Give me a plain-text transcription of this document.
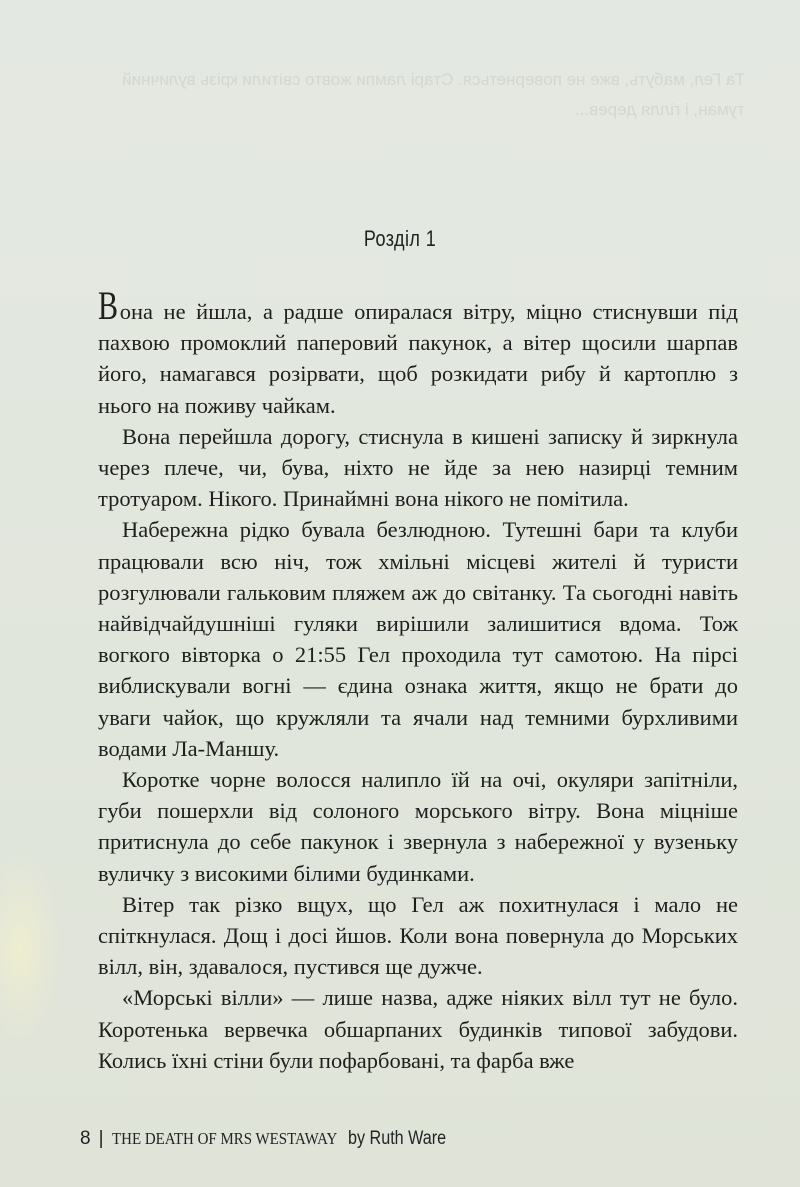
Та Гел, мабуть, вже не повернеться. Старі лампи жовто світили крізь вуличний туман, і гілля дерев...
Розділ 1

Вона не йшла, а радше опиралася вітру, міцно стиснувши під пахвою промоклий паперовий пакунок, а вітер щосили шарпав його, намагався розірвати, щоб розкидати рибу й картоплю з нього на поживу чайкам.

Вона перейшла дорогу, стиснула в кишені записку й зиркнула через плече, чи, бува, ніхто не йде за нею назирці темним тротуаром. Нікого. Принаймні вона нікого не помітила.

Набережна рідко бувала безлюдною. Тутешні бари та клуби працювали всю ніч, тож хмільні місцеві жителі й туристи розгулювали гальковим пляжем аж до світанку. Та сьогодні навіть найвідчайдушніші гуляки вирішили залишитися вдома. Тож вогкого вівторка о 21:55 Гел проходила тут самотою. На пірсі виблискували вогні — єдина ознака життя, якщо не брати до уваги чайок, що кружляли та ячали над темними бурхливими водами Ла-Маншу.

Коротке чорне волосся налипло їй на очі, окуляри запітніли, губи пошерхли від солоного морського вітру. Вона міцніше притиснула до себе пакунок і звернула з набережної у вузеньку вуличку з високими білими будинками.

Вітер так різко вщух, що Гел аж похитнулася і мало не спіткнулася. Дощ і досі йшов. Коли вона повернула до Морських вілл, він, здавалося, пустився ще дужче.

«Морські вілли» — лише назва, адже ніяких вілл тут не було. Коротенька вервечка обшарпаних будинків типової забудови. Колись їхні стіни були пофарбовані, та фарба вже

8 | THE DEATH OF MRS WESTAWAY by Ruth Ware
